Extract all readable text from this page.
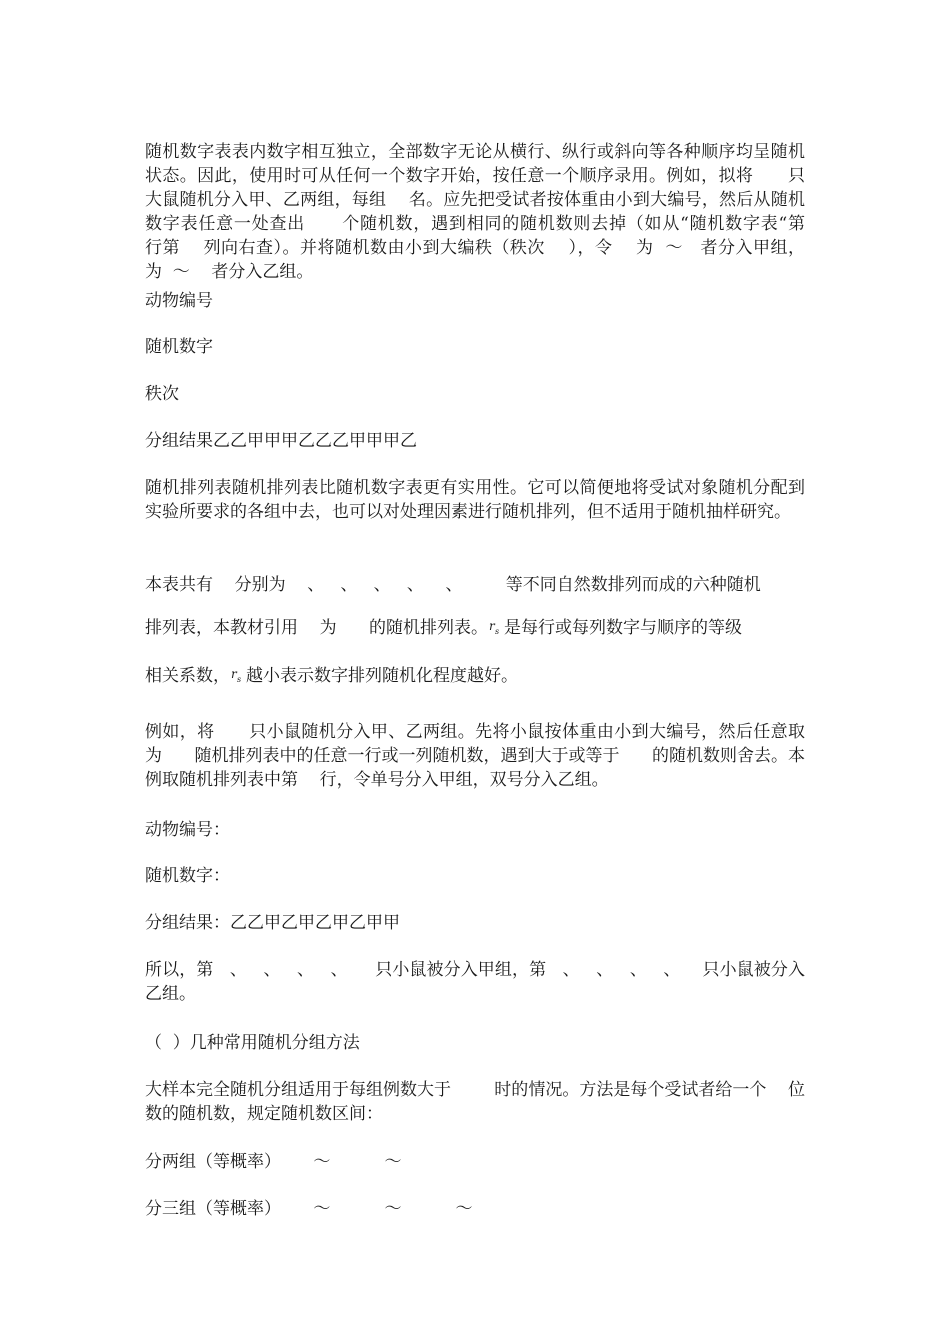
随机数字表表内数字相互独立，全部数字无论从横行、纵行或斜向等各种顺序均呈随机状态。因此，使用时可从任何一个数字开始，按任意一个顺序录用。例如，拟将      只大鼠随机分入甲、乙两组，每组    名。应先把受试者按体重由小到大编号，然后从随机数字表任意一处查出      个随机数，遇到相同的随机数则去掉（如从“随机数字表“第      行第    列向右查）。并将随机数由小到大编秩（秩次    ），令    为  ～   者分入甲组，   为  ～    者分入乙组。

动物编号

随机数字

秩次

分组结果乙乙甲甲甲乙乙乙甲甲甲乙

随机排列表随机排列表比随机数字表更有实用性。它可以简便地将受试对象随机分配到实验所要求的各组中去，也可以对处理因素进行随机排列，但不适用于随机抽样研究。

本表共有    分别为    、   、   、   、    、        等不同自然数排列而成的六种随机

排列表，本教材引用    为      的随机排列表。 r s 是每行或每列数字与顺序的等级

相关系数， r s 越小表示数字排列随机化程度越好。

例如，将      只小鼠随机分入甲、乙两组。先将小鼠按体重由小到大编号，然后任意取    为      随机排列表中的任意一行或一列随机数，遇到大于或等于      的随机数则舍去。本例取随机排列表中第    行，令单号分入甲组，双号分入乙组。

动物编号：

随机数字：

分组结果：乙乙甲乙甲乙甲乙甲甲

所以，第   、   、   、   、     只小鼠被分入甲组，第   、   、   、   、    只小鼠被分入乙组。

（  ）几种常用随机分组方法

大样本完全随机分组适用于每组例数大于        时的情况。方法是每个受试者给一个    位数的随机数，规定随机数区间：

分两组（等概率）      ～          ～

分三组（等概率）      ～          ～          ～
